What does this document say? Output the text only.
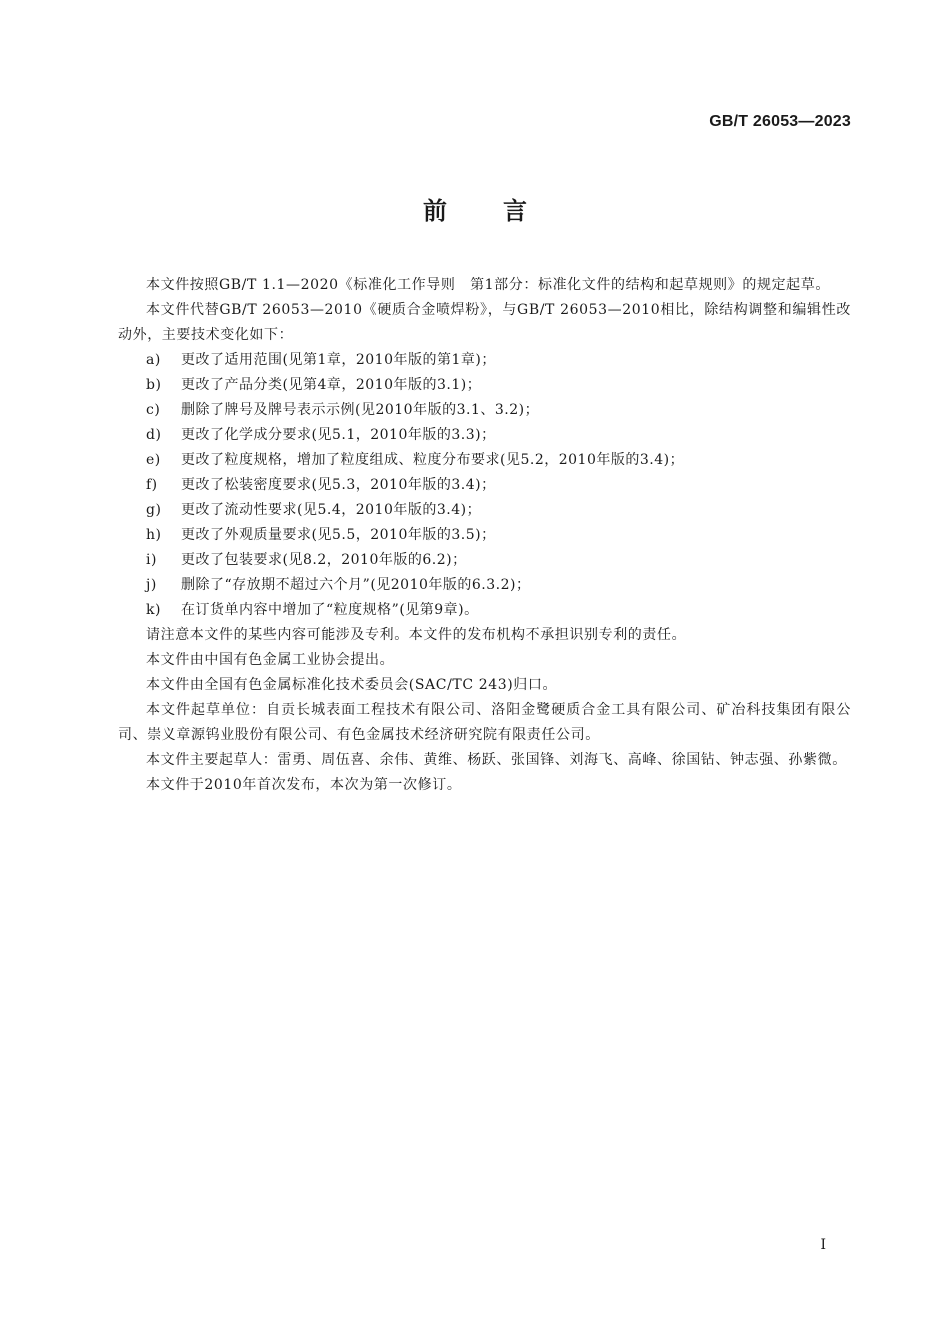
GB/T 26053—2023
前言

本文件按照GB/T 1.1—2020《标准化工作导则　第1部分：标准化文件的结构和起草规则》的规定起草。

本文件代替GB/T 26053—2010《硬质合金喷焊粉》，与GB/T 26053—2010相比，除结构调整和编辑性改动外，主要技术变化如下：

a) 更改了适用范围(见第1章，2010年版的第1章)；

b) 更改了产品分类(见第4章，2010年版的3.1)；

c) 删除了牌号及牌号表示示例(见2010年版的3.1、3.2)；

d) 更改了化学成分要求(见5.1，2010年版的3.3)；

e) 更改了粒度规格，增加了粒度组成、粒度分布要求(见5.2，2010年版的3.4)；

f) 更改了松装密度要求(见5.3，2010年版的3.4)；

g) 更改了流动性要求(见5.4，2010年版的3.4)；

h) 更改了外观质量要求(见5.5，2010年版的3.5)；

i) 更改了包装要求(见8.2，2010年版的6.2)；

j) 删除了“存放期不超过六个月”(见2010年版的6.3.2)；

k) 在订货单内容中增加了“粒度规格”(见第9章)。

请注意本文件的某些内容可能涉及专利。本文件的发布机构不承担识别专利的责任。

本文件由中国有色金属工业协会提出。

本文件由全国有色金属标准化技术委员会(SAC/TC 243)归口。

本文件起草单位：自贡长城表面工程技术有限公司、洛阳金鹭硬质合金工具有限公司、矿冶科技集团有限公司、崇义章源钨业股份有限公司、有色金属技术经济研究院有限责任公司。

本文件主要起草人：雷勇、周伍喜、余伟、黄维、杨跃、张国锋、刘海飞、高峰、徐国钻、钟志强、孙紫微。

本文件于2010年首次发布，本次为第一次修订。

I
